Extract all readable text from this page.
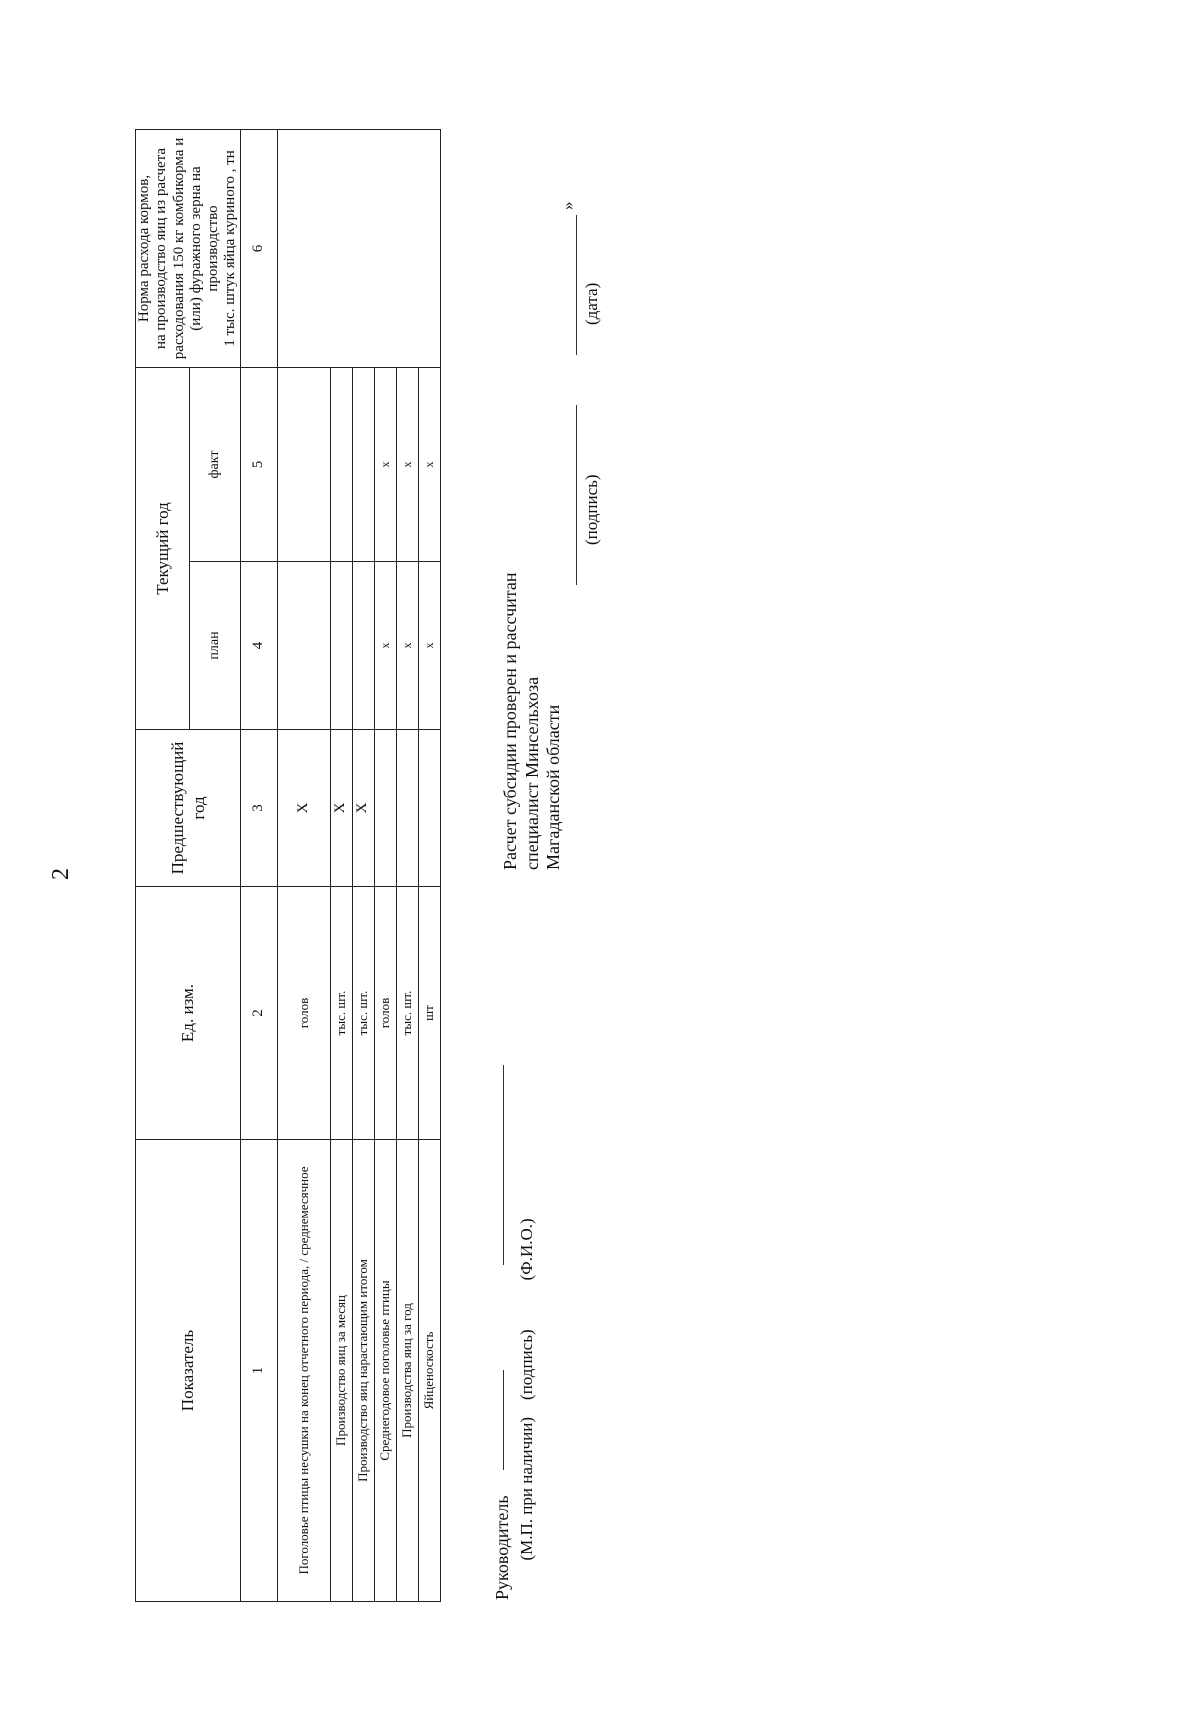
2
Показатель	Ед. изм.	Предшествующий год	Текущий год		Норма расхода кормов,
на производство яиц из расчета
расходования 150 кг комбикорма и
(или) фуражного зерна на производство
1 тыс. штук яйца куриного , тн
			план	факт	
1	2	3	4	5	6
Поголовье птицы несушки на конец отчетного периода, / среднемесячное	голов	X			
Производство яиц за месяц	тыс. шт.	X			
Производство яиц нарастающим итогом	тыс. шт.	X			
Среднегодовое поголовье птицы	голов		x	x	
Производства яиц за год	тыс. шт.		x	x	
Яйценоскость	шт		x	x	
Руководитель (М.П. при наличии)  (подпись)  (Ф.И.О.)
Расчет субсидии проверен и рассчитан специалист Минсельхоза Магаданской области
(подпись)
(дата)
»
